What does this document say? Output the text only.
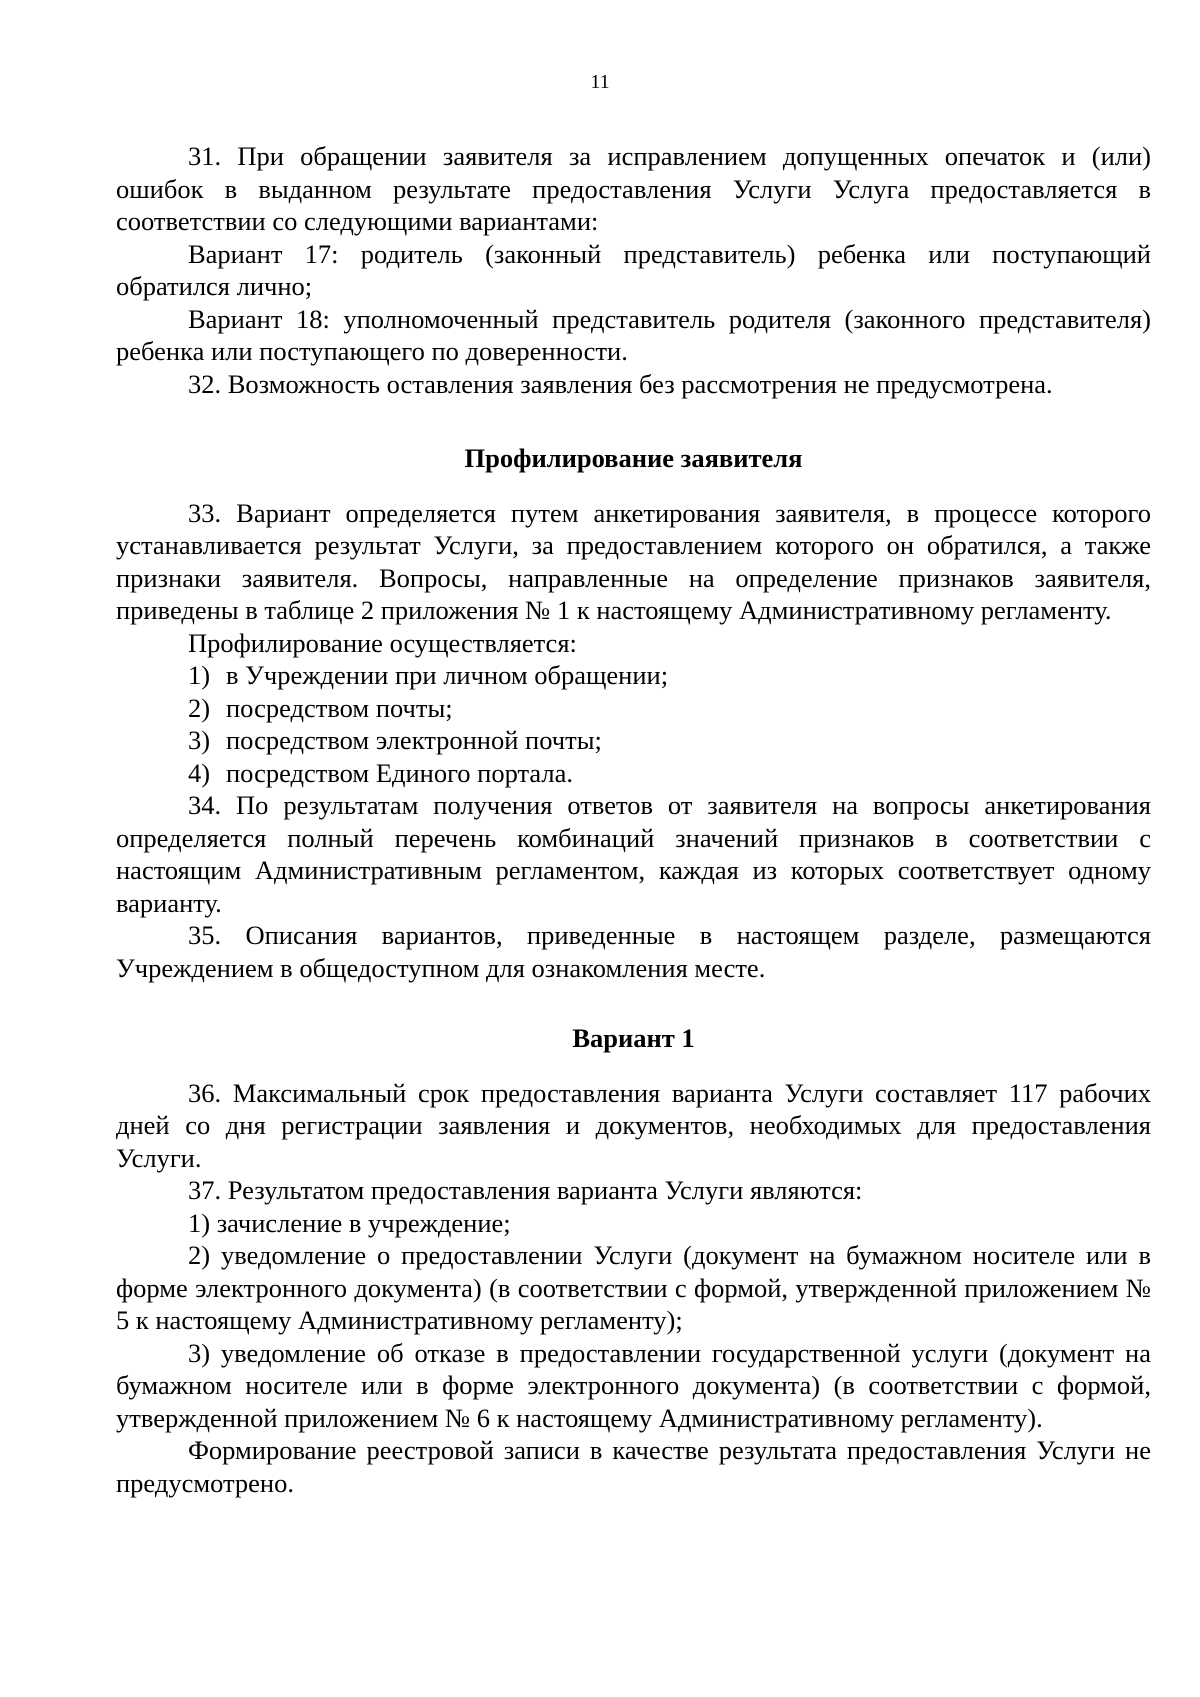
11

31. При обращении заявителя за исправлением допущенных опечаток и (или) ошибок в выданном результате предоставления Услуги Услуга предоставляется в соответствии со следующими вариантами:

Вариант 17: родитель (законный представитель) ребенка или поступающий обратился лично;

Вариант 18: уполномоченный представитель родителя (законного представителя) ребенка или поступающего по доверенности.

32. Возможность оставления заявления без рассмотрения не предусмотрена.

Профилирование заявителя

33. Вариант определяется путем анкетирования заявителя, в процессе которого устанавливается результат Услуги, за предоставлением которого он обратился, а также признаки заявителя. Вопросы, направленные на определение признаков заявителя, приведены в таблице 2 приложения № 1 к настоящему Административному регламенту.

Профилирование осуществляется:

1) в Учреждении при личном обращении;

2) посредством почты;

3) посредством электронной почты;

4) посредством Единого портала.

34. По результатам получения ответов от заявителя на вопросы анкетирования определяется полный перечень комбинаций значений признаков в соответствии с настоящим Административным регламентом, каждая из которых соответствует одному варианту.

35. Описания вариантов, приведенные в настоящем разделе, размещаются Учреждением в общедоступном для ознакомления месте.

Вариант 1

36. Максимальный срок предоставления варианта Услуги составляет 117 рабочих дней со дня регистрации заявления и документов, необходимых для предоставления Услуги.

37. Результатом предоставления варианта Услуги являются:

1) зачисление в учреждение;

2) уведомление о предоставлении Услуги (документ на бумажном носителе или в форме электронного документа) (в соответствии с формой, утвержденной приложением № 5 к настоящему Административному регламенту);

3) уведомление об отказе в предоставлении государственной услуги (документ на бумажном носителе или в форме электронного документа) (в соответствии с формой, утвержденной приложением № 6 к настоящему Административному регламенту).

Формирование реестровой записи в качестве результата предоставления Услуги не предусмотрено.
